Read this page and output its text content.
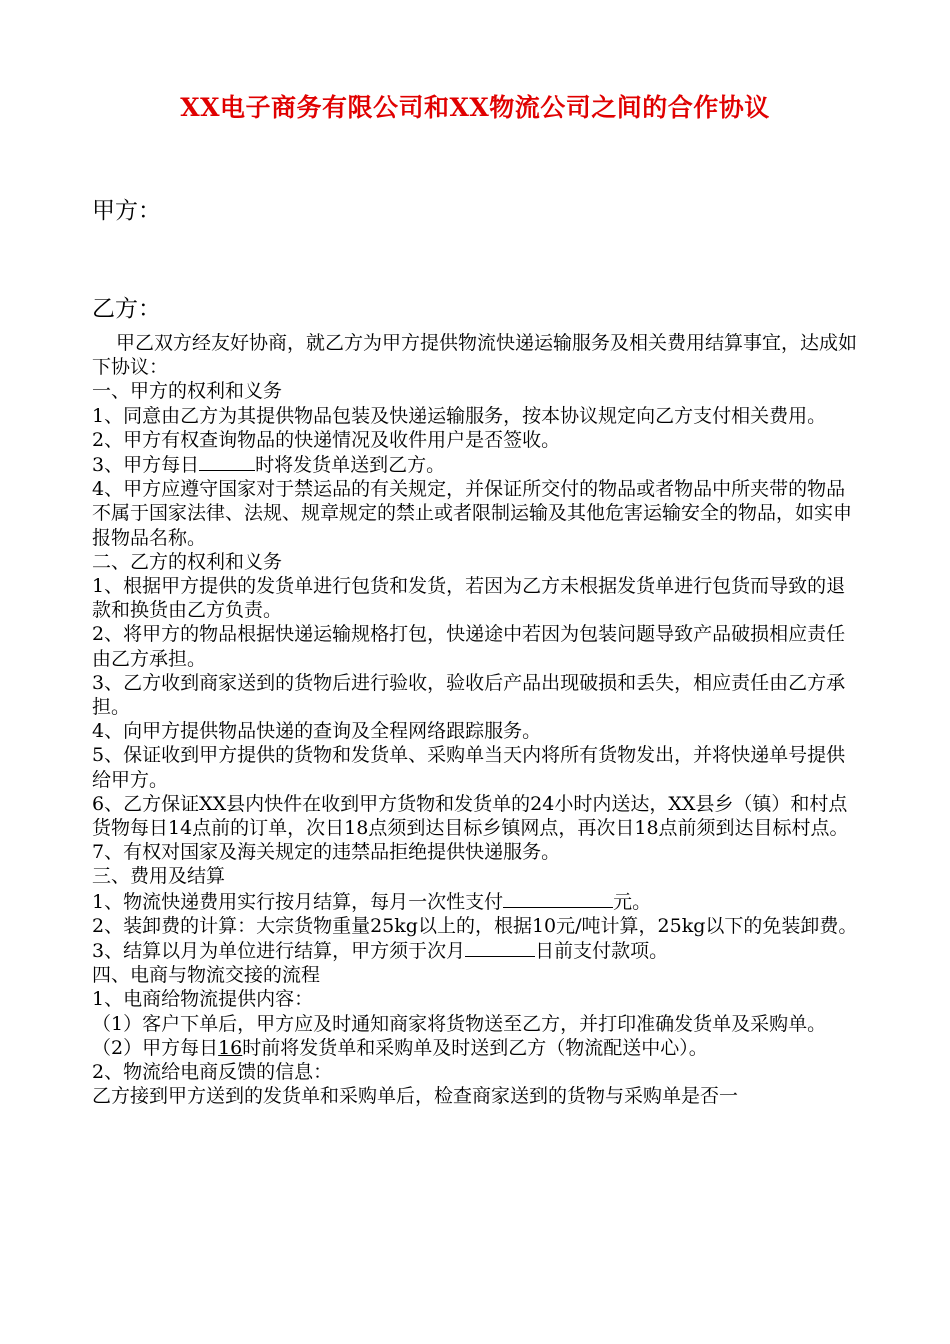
XX电子商务有限公司和XX物流公司之间的合作协议
甲方：
乙方：

甲乙双方经友好协商，就乙方为甲方提供物流快递运输服务及相关费用结算事宜，达成如下协议：

一、甲方的权利和义务

1、同意由乙方为其提供物品包装及快递运输服务，按本协议规定向乙方支付相关费用。

2、甲方有权查询物品的快递情况及收件用户是否签收。

3、甲方每日	时将发货单送到乙方。

4、甲方应遵守国家对于禁运品的有关规定，并保证所交付的物品或者物品中所夹带的物品不属于国家法律、法规、规章规定的禁止或者限制运输及其他危害运输安全的物品，如实申报物品名称。

二、乙方的权利和义务

1、根据甲方提供的发货单进行包货和发货，若因为乙方未根据发货单进行包货而导致的退款和换货由乙方负责。

2、将甲方的物品根据快递运输规格打包，快递途中若因为包装问题导致产品破损相应责任由乙方承担。

3、乙方收到商家送到的货物后进行验收，验收后产品出现破损和丢失，相应责任由乙方承担。

4、向甲方提供物品快递的查询及全程网络跟踪服务。

5、保证收到甲方提供的货物和发货单、采购单当天内将所有货物发出，并将快递单号提供给甲方。

6、乙方保证XX县内快件在收到甲方货物和发货单的24小时内送达，XX县乡（镇）和村点货物每日14点前的订单，次日18点须到达目标乡镇网点，再次日18点前须到达目标村点。

7、有权对国家及海关规定的违禁品拒绝提供快递服务。

三、费用及结算

1、物流快递费用实行按月结算，每月一次性支付	元。

2、装卸费的计算：大宗货物重量25kg以上的，根据10元/吨计算，25kg以下的免装卸费。

3、结算以月为单位进行结算，甲方须于次月	日前支付款项。

四、电商与物流交接的流程

1、电商给物流提供内容：

（1）客户下单后，甲方应及时通知商家将货物送至乙方，并打印准确发货单及采购单。

（2）甲方每日16时前将发货单和采购单及时送到乙方（物流配送中心）。

2、物流给电商反馈的信息：

乙方接到甲方送到的发货单和采购单后，检查商家送到的货物与采购单是否一
